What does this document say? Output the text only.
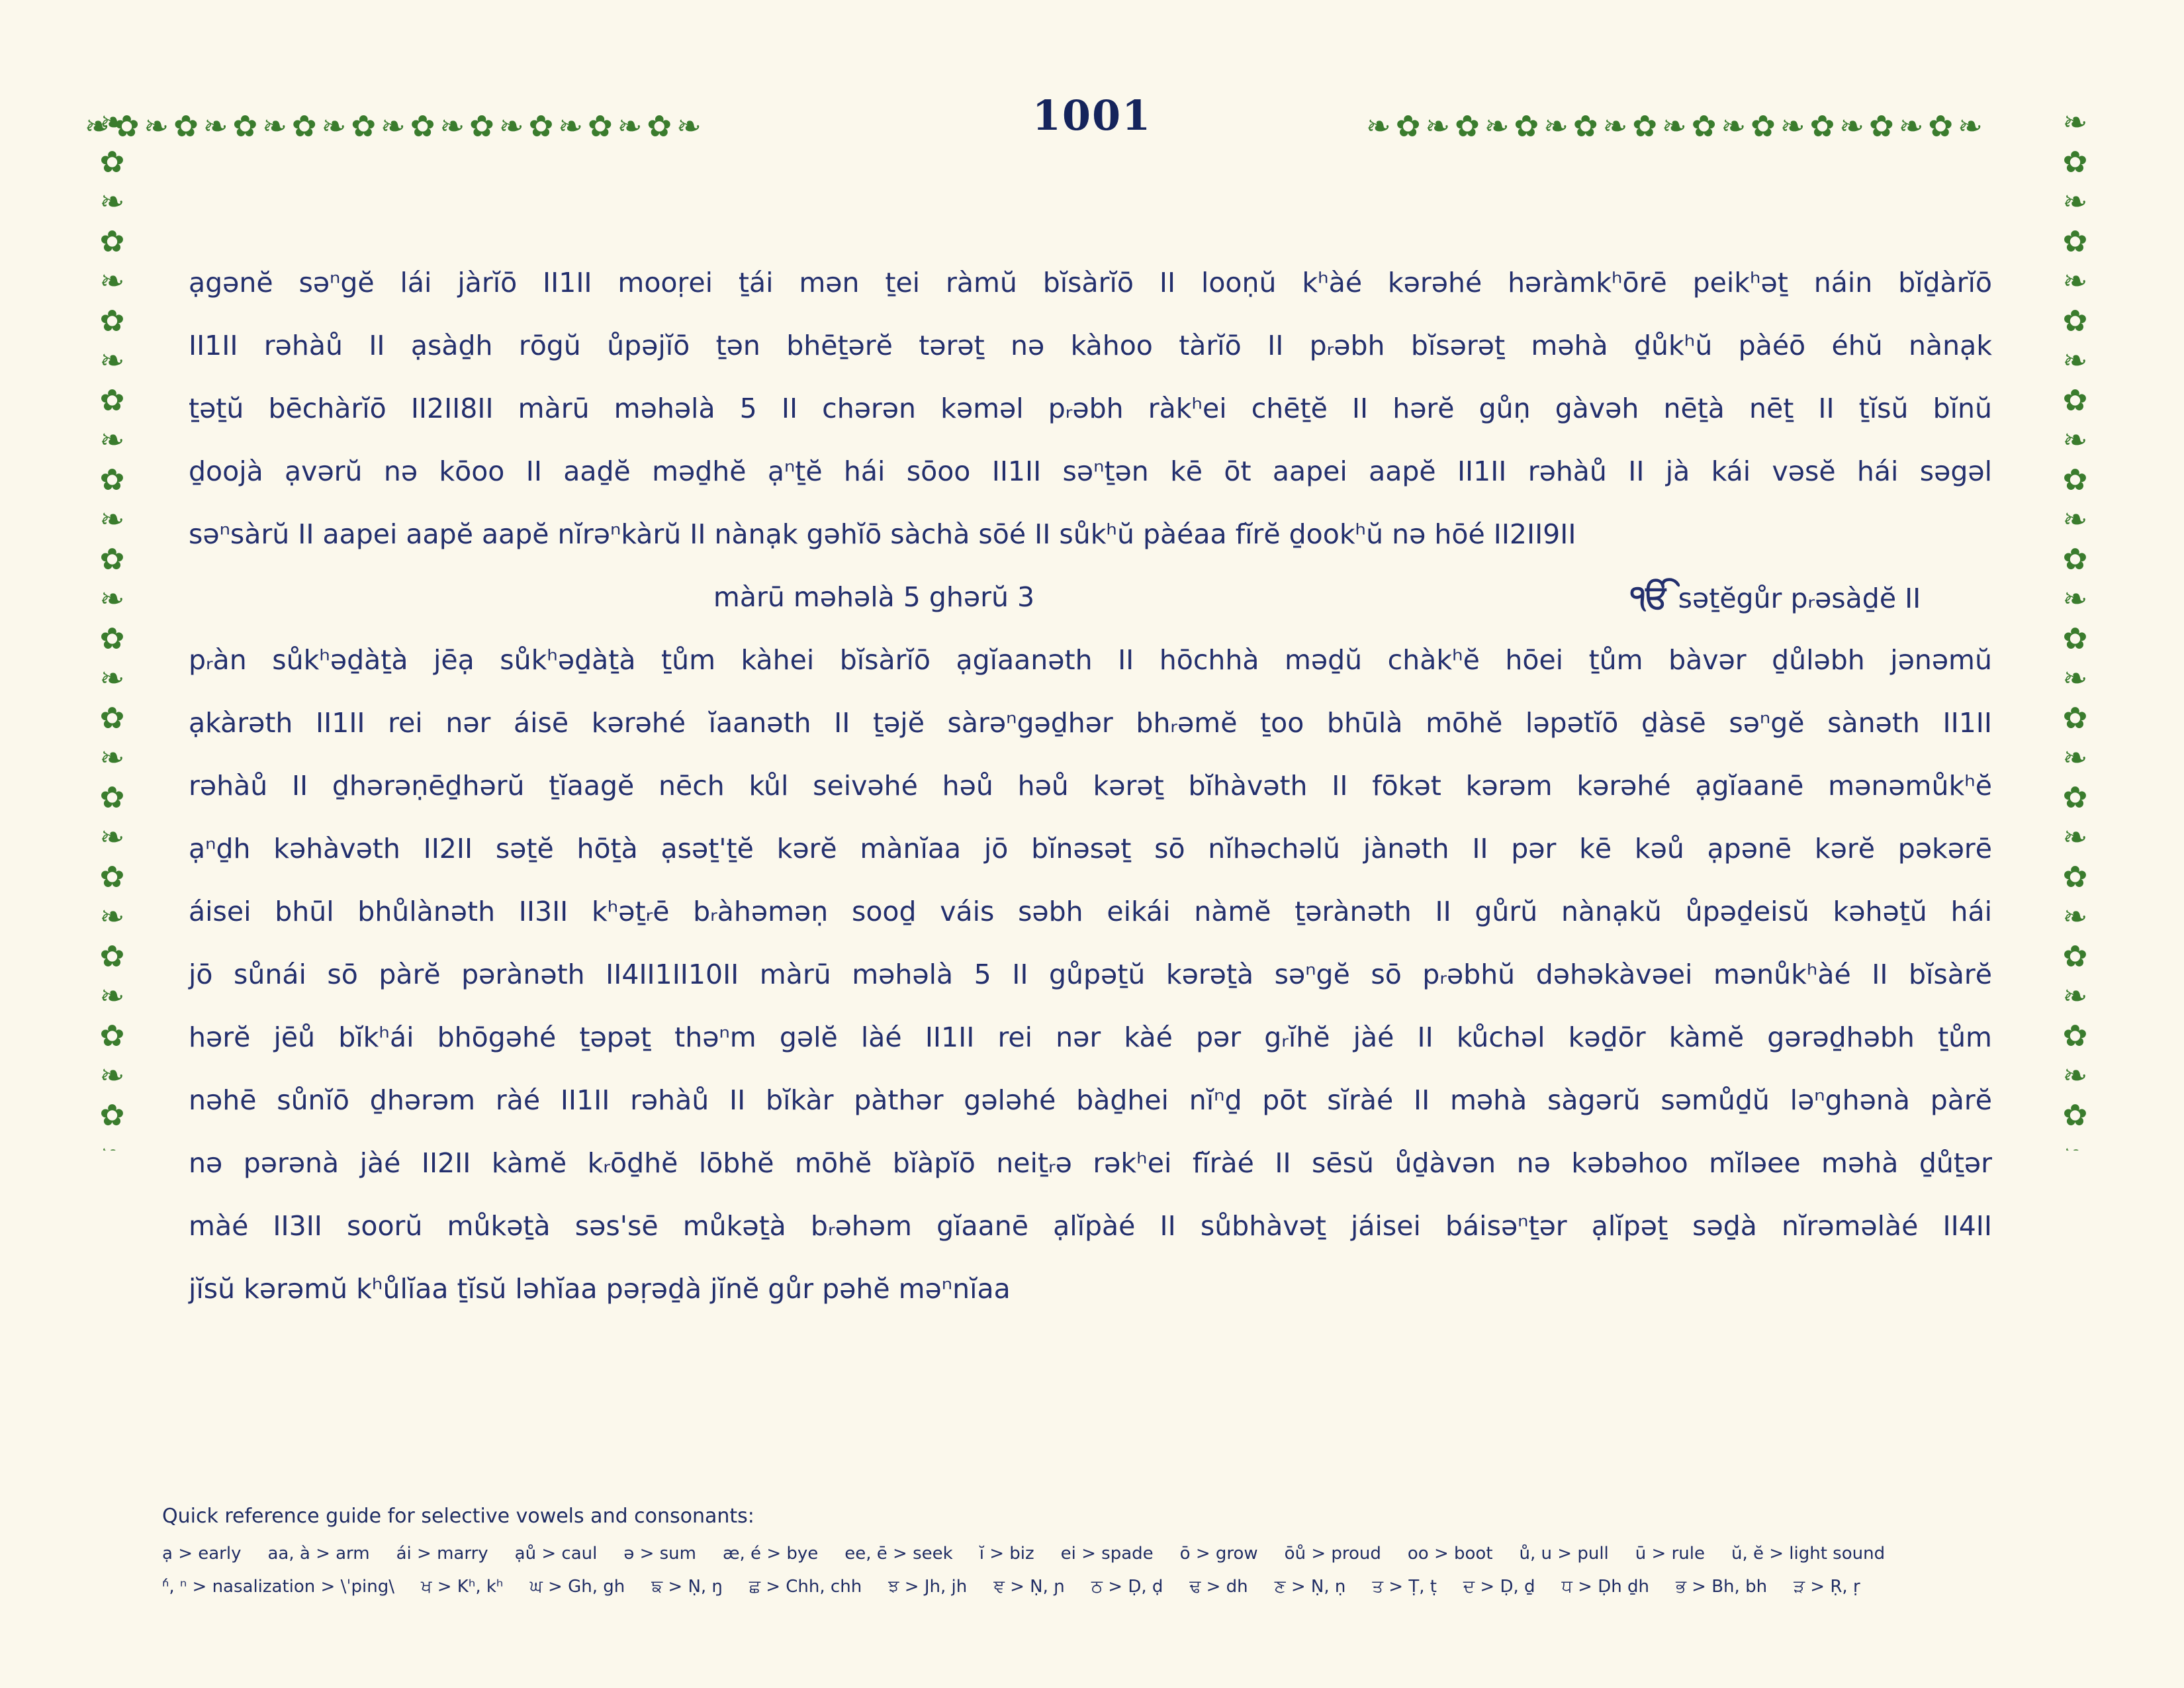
❧✿❧✿❧✿❧✿❧✿❧✿❧✿❧✿❧✿❧✿❧
❧✿❧✿❧✿❧✿❧✿❧✿❧✿❧✿❧✿❧✿❧
❧✿❧✿❧✿❧✿❧✿❧✿❧✿❧✿❧✿❧✿❧✿❧✿❧✿❧✿❧
❧✿❧✿❧✿❧✿❧✿❧✿❧✿❧✿❧✿❧✿❧✿❧✿❧✿❧✿❧
1001
ạgənĕ səⁿgĕ lái jàrĭō II1II mooṛei ṯái mən ṯei ràmŭ bĭsàrĭō II looṇŭ kʰàé kərəhé həràmkʰōrē peikʰəṯ náin bĭḏàrĭō
II1II rəhàů II ạsàḏh rōgŭ ůpəjĭō ṯən bhēṯərĕ tərəṯ nə kàhoo tàrĭō II pᵣəbh bĭsərəṯ məhà ḏůkʰŭ pàéō éhŭ nànạk
ṯəṯŭ bēchàrĭō II2II8II màrū məhəlà 5 II chərən kəməl pᵣəbh ràkʰei chēṯĕ II hərĕ gůṇ gàvəh nēṯà nēṯ II ṯĭsŭ bĭnŭ
ḏoojà ạvərŭ nə kōoo II aaḏĕ məḏhĕ ạⁿṯĕ hái sōoo II1II səⁿṯən kē ōt aapei aapĕ II1II rəhàů II jà kái vəsĕ hái səgəl
səⁿsàrŭ II aapei aapĕ aapĕ nĭrəⁿkàrŭ II nànạk gəhĭō sàchà sōé II sůkʰŭ pàéaa fĭrĕ ḏookʰŭ nə hōé II2II9II
màrū məhəlà 5 ghərŭ 3	ੴ səṯĕgůr pᵣəsàḏĕ II
pᵣàn sůkʰəḏàṯà jēạ sůkʰəḏàṯà ṯům kàhei bĭsàrĭō ạgĭaanəth II hōchhà məḏŭ chàkʰĕ hōei ṯům bàvər ḏůləbh jənəmŭ
ạkàrəth II1II rei nər áisē kərəhé ĭaanəth II ṯəjĕ sàrəⁿgəḏhər bhᵣəmĕ ṯoo bhūlà mōhĕ ləpətĭō ḏàsē səⁿgĕ sànəth II1II
rəhàů II ḏhərəṇēḏhərŭ ṯĭaagĕ nēch kůl seivəhé həů həů kərəṯ bĭhàvəth II fōkət kərəm kərəhé ạgĭaanē mənəmůkʰĕ
ạⁿḏh kəhàvəth II2II səṯĕ hōṯà ạsəṯ'ṯĕ kərĕ mànĭaa jō bĭnəsəṯ sō nĭhəchəlŭ jànəth II pər kē kəů ạpənē kərĕ pəkərē
áisei bhūl bhůlànəth II3II kʰəṯᵣē bᵣàhəməṇ sooḏ váis səbh eikái nàmĕ ṯərànəth II gůrŭ nànạkŭ ůpəḏeisŭ kəhəṯŭ hái
jō sůnái sō pàrĕ pərànəth II4II1II10II màrū məhəlà 5 II gůpəṯŭ kərəṯà səⁿgĕ sō pᵣəbhŭ dəhəkàvəei mənůkʰàé II bĭsàrĕ
hərĕ jēů bĭkʰái bhōgəhé ṯəpəṯ thəⁿm gəlĕ làé II1II rei nər kàé pər gᵣĭhĕ jàé II kůchəl kəḏōr kàmĕ gərəḏhəbh ṯům
nəhē sůnĭō ḏhərəm ràé II1II rəhàů II bĭkàr pàthər gələhé bàḏhei nĭⁿḏ pōt sĭràé II məhà sàgərŭ səmůḏŭ ləⁿghənà pàrĕ
nə pərənà jàé II2II kàmĕ kᵣōḏhĕ lōbhĕ mōhĕ bĭàpĭō neiṯᵣə rəkʰei fĭràé II sēsŭ ůḏàvən nə kəbəhoo mĭləee məhà ḏůṯər
màé II3II soorŭ můkəṯà səs'sē můkəṯà bᵣəhəm gĭaanē ạlĭpàé II sůbhàvəṯ jáisei báisəⁿṯər ạlĭpəṯ səḏà nĭrəməlàé II4II
jĭsŭ kərəmŭ kʰůlĭaa ṯĭsŭ ləhĭaa pəṛəḏà jĭnĕ gůr pəhĕ məⁿnĭaa
Quick reference guide for selective vowels and consonants:
ạ > early aa, à > arm ái > marry ạů > caul ə > sum æ, é > bye ee, ē > seek ĭ > biz ei > spade ō > grow ōů > proud oo > boot ů, u > pull ū > rule ŭ, ĕ > light sound
ⁿ́, ⁿ > nasalization > \ˈping\ ਖ > Kʰ, kʰ ਘ > Gh, gh ਙ > Ṇ, ŋ ਛ > Chh, chh ਝ > Jh, jh ਞ > Ṇ, ɲ ਠ > Ḍ, ḍ ਢ > dh ਣ > Ṇ, ṇ ਤ > Ṭ, ṭ ਦ > Ḍ, ḏ ਧ > Ḍh ḏh ਭ > Bh, bh ੜ > Ṛ, ṛ
